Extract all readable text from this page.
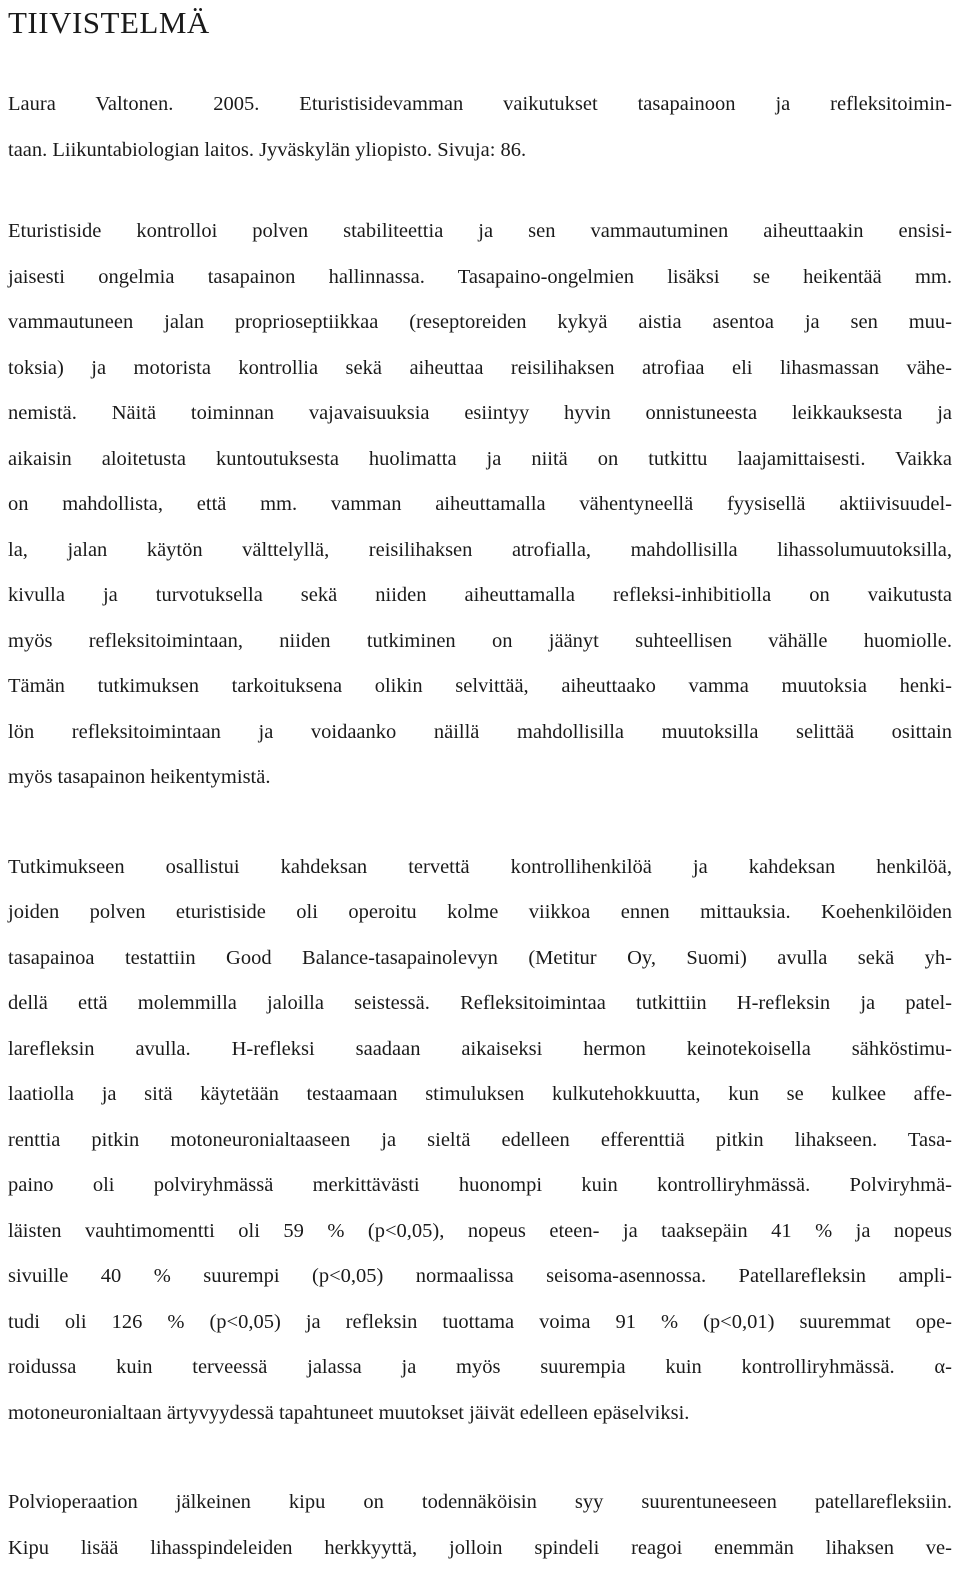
TIIVISTELMÄ
Laura Valtonen. 2005. Eturistisidevamman vaikutukset tasapainoon ja refleksitoimin-
taan. Liikuntabiologian laitos. Jyväskylän yliopisto. Sivuja: 86.
Eturistiside kontrolloi polven stabiliteettia ja sen vammautuminen aiheuttaakin ensisi-
jaisesti ongelmia tasapainon hallinnassa. Tasapaino-ongelmien lisäksi se heikentää mm.
vammautuneen jalan proprioseptiikkaa (reseptoreiden kykyä aistia asentoa ja sen muu-
toksia) ja motorista kontrollia sekä aiheuttaa reisilihaksen atrofiaa eli lihasmassan vähe-
nemistä. Näitä toiminnan vajavaisuuksia esiintyy hyvin onnistuneesta leikkauksesta ja
aikaisin aloitetusta kuntoutuksesta huolimatta ja niitä on tutkittu laajamittaisesti. Vaikka
on mahdollista, että mm. vamman aiheuttamalla vähentyneellä fyysisellä aktiivisuudel-
la, jalan käytön välttelyllä, reisilihaksen atrofialla, mahdollisilla lihassolumuutoksilla,
kivulla ja turvotuksella sekä niiden aiheuttamalla refleksi-inhibitiolla on vaikutusta
myös refleksitoimintaan, niiden tutkiminen on jäänyt suhteellisen vähälle huomiolle.
Tämän tutkimuksen tarkoituksena olikin selvittää, aiheuttaako vamma muutoksia henki-
lön refleksitoimintaan ja voidaanko näillä mahdollisilla muutoksilla selittää osittain
myös tasapainon heikentymistä.
Tutkimukseen osallistui kahdeksan tervettä kontrollihenkilöä ja kahdeksan henkilöä,
joiden polven eturistiside oli operoitu kolme viikkoa ennen mittauksia. Koehenkilöiden
tasapainoa testattiin Good Balance-tasapainolevyn (Metitur Oy, Suomi) avulla sekä yh-
dellä että molemmilla jaloilla seistessä. Refleksitoimintaa tutkittiin H-refleksin ja patel-
larefleksin avulla. H-refleksi saadaan aikaiseksi hermon keinotekoisella sähköstimu-
laatiolla ja sitä käytetään testaamaan stimuluksen kulkutehokkuutta, kun se kulkee affe-
renttia pitkin motoneuronialtaaseen ja sieltä edelleen efferenttiä pitkin lihakseen. Tasa-
paino oli polviryhmässä merkittävästi huonompi kuin kontrolliryhmässä. Polviryhmä-
läisten vauhtimomentti oli 59 % (p<0,05), nopeus eteen- ja taaksepäin 41 % ja nopeus
sivuille 40 % suurempi (p<0,05) normaalissa seisoma-asennossa. Patellarefleksin ampli-
tudi oli 126 % (p<0,05) ja refleksin tuottama voima 91 % (p<0,01) suuremmat ope-
roidussa kuin terveessä jalassa ja myös suurempia kuin kontrolliryhmässä. α-
motoneuronialtaan ärtyvyydessä tapahtuneet muutokset jäivät edelleen epäselviksi.
Polvioperaation jälkeinen kipu on todennäköisin syy suurentuneeseen patellarefleksiin.
Kipu lisää lihasspindeleiden herkkyyttä, jolloin spindeli reagoi enemmän lihaksen ve-
